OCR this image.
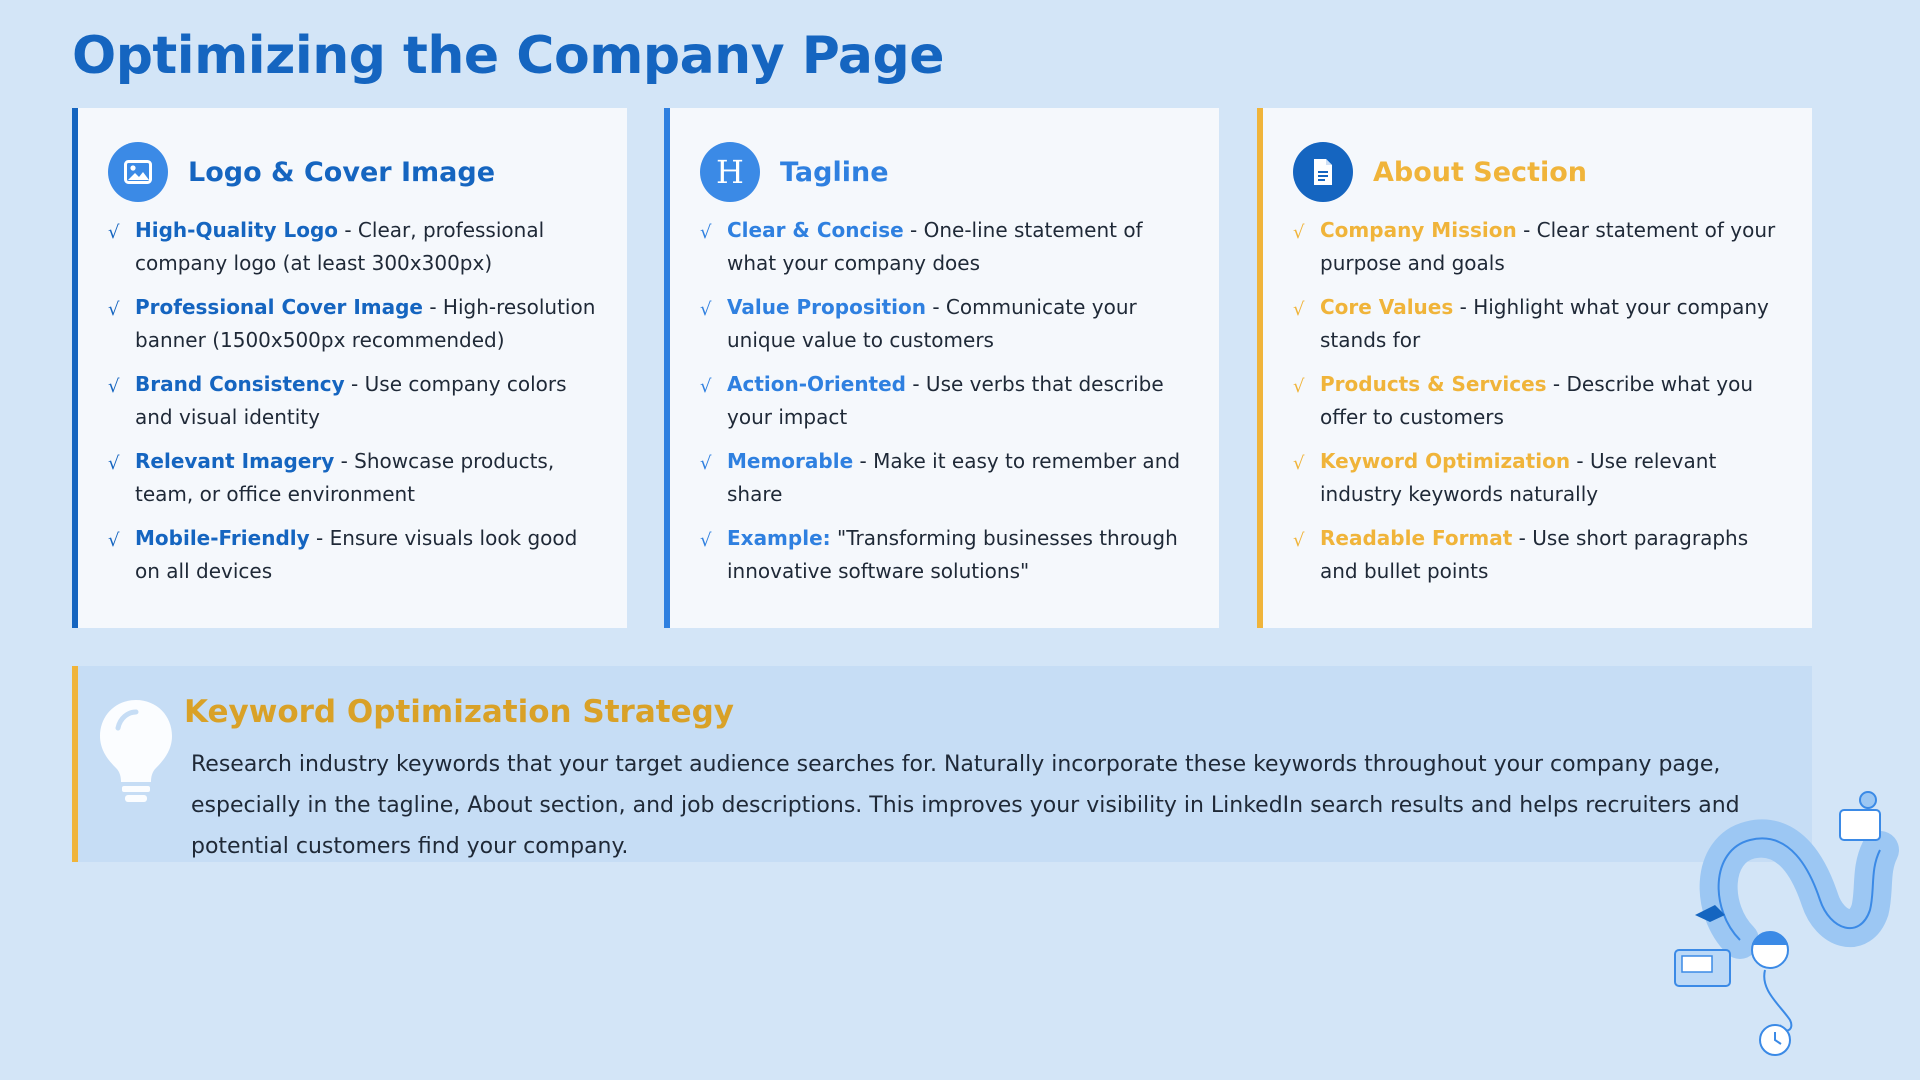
Optimizing the Company Page
Logo & Cover Image
√ High-Quality Logo - Clear, professional company logo (at least 300x300px)
√ Professional Cover Image - High-resolution banner (1500x500px recommended)
√ Brand Consistency - Use company colors and visual identity
√ Relevant Imagery - Showcase products, team, or office environment
√ Mobile-Friendly - Ensure visuals look good on all devices
H	Tagline
√ Clear & Concise - One-line statement of what your company does
√ Value Proposition - Communicate your unique value to customers
√ Action-Oriented - Use verbs that describe your impact
√ Memorable - Make it easy to remember and share
√ Example: "Transforming businesses through innovative software solutions"
About Section
√ Company Mission - Clear statement of your purpose and goals
√ Core Values - Highlight what your company stands for
√ Products & Services - Describe what you offer to customers
√ Keyword Optimization - Use relevant industry keywords naturally
√ Readable Format - Use short paragraphs and bullet points
Keyword Optimization Strategy

Research industry keywords that your target audience searches for. Naturally incorporate these keywords throughout your company page, especially in the tagline, About section, and job descriptions. This improves your visibility in LinkedIn search results and helps recruiters and potential customers find your company.
